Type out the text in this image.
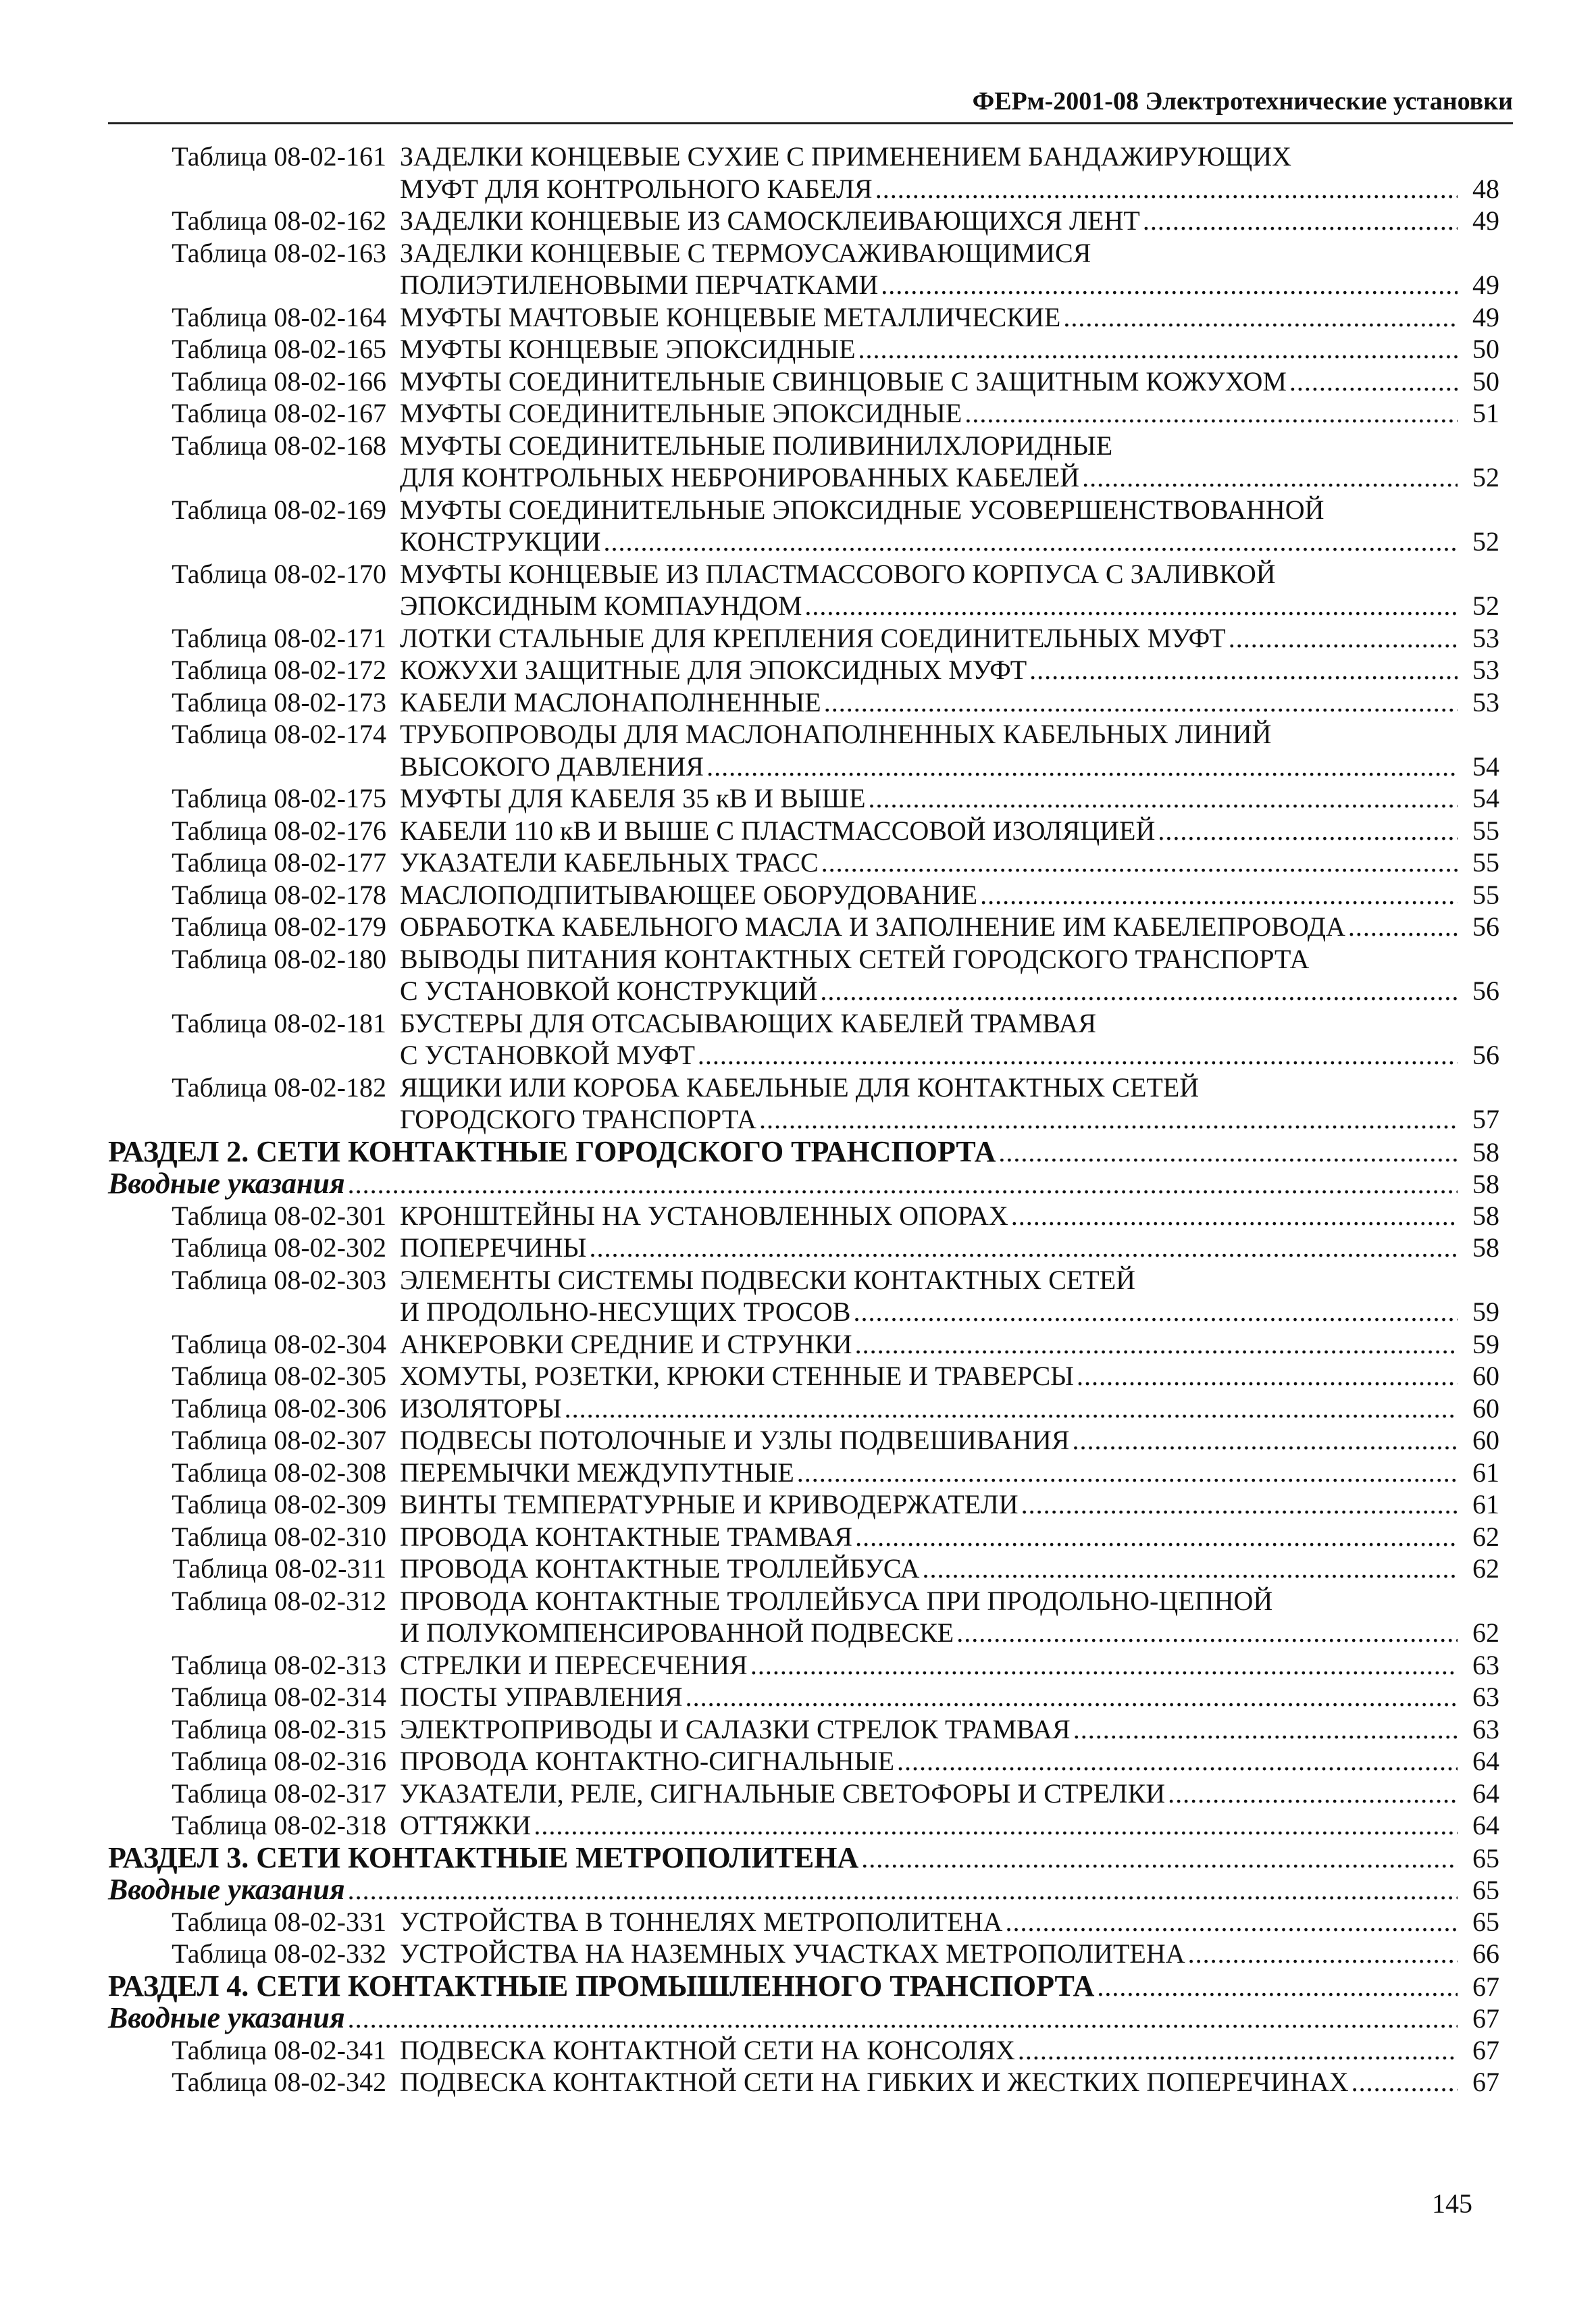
ФЕРм-2001-08 Электротехнические установки
Таблица 08-02-161 ЗАДЕЛКИ КОНЦЕВЫЕ СУХИЕ С ПРИМЕНЕНИЕМ БАНДАЖИРУЮЩИХ
МУФТ ДЛЯ КОНТРОЛЬНОГО КАБЕЛЯ .....	48
Таблица 08-02-162 ЗАДЕЛКИ КОНЦЕВЫЕ ИЗ САМОСКЛЕИВАЮЩИХСЯ ЛЕНТ .....	49
Таблица 08-02-163 ЗАДЕЛКИ КОНЦЕВЫЕ С ТЕРМОУСАЖИВАЮЩИМИСЯ
ПОЛИЭТИЛЕНОВЫМИ ПЕРЧАТКАМИ .....	49
Таблица 08-02-164 МУФТЫ МАЧТОВЫЕ КОНЦЕВЫЕ МЕТАЛЛИЧЕСКИЕ .....	49
Таблица 08-02-165 МУФТЫ КОНЦЕВЫЕ ЭПОКСИДНЫЕ .....	50
Таблица 08-02-166 МУФТЫ СОЕДИНИТЕЛЬНЫЕ СВИНЦОВЫЕ С ЗАЩИТНЫМ КОЖУХОМ .....	50
Таблица 08-02-167 МУФТЫ СОЕДИНИТЕЛЬНЫЕ ЭПОКСИДНЫЕ .....	51
Таблица 08-02-168 МУФТЫ СОЕДИНИТЕЛЬНЫЕ ПОЛИВИНИЛХЛОРИДНЫЕ
ДЛЯ КОНТРОЛЬНЫХ НЕБРОНИРОВАННЫХ КАБЕЛЕЙ .....	52
Таблица 08-02-169 МУФТЫ СОЕДИНИТЕЛЬНЫЕ ЭПОКСИДНЫЕ УСОВЕРШЕНСТВОВАННОЙ
КОНСТРУКЦИИ .....	52
Таблица 08-02-170 МУФТЫ КОНЦЕВЫЕ ИЗ ПЛАСТМАССОВОГО КОРПУСА С ЗАЛИВКОЙ
ЭПОКСИДНЫМ КОМПАУНДОМ .....	52
Таблица 08-02-171 ЛОТКИ СТАЛЬНЫЕ ДЛЯ КРЕПЛЕНИЯ СОЕДИНИТЕЛЬНЫХ МУФТ .....	53
Таблица 08-02-172 КОЖУХИ ЗАЩИТНЫЕ ДЛЯ ЭПОКСИДНЫХ МУФТ .....	53
Таблица 08-02-173 КАБЕЛИ МАСЛОНАПОЛНЕННЫЕ .....	53
Таблица 08-02-174 ТРУБОПРОВОДЫ ДЛЯ МАСЛОНАПОЛНЕННЫХ КАБЕЛЬНЫХ ЛИНИЙ
ВЫСОКОГО ДАВЛЕНИЯ .....	54
Таблица 08-02-175 МУФТЫ ДЛЯ КАБЕЛЯ 35 кВ И ВЫШЕ .....	54
Таблица 08-02-176 КАБЕЛИ 110 кВ И ВЫШЕ С ПЛАСТМАССОВОЙ ИЗОЛЯЦИЕЙ .....	55
Таблица 08-02-177 УКАЗАТЕЛИ КАБЕЛЬНЫХ ТРАСС .....	55
Таблица 08-02-178 МАСЛОПОДПИТЫВАЮЩЕЕ ОБОРУДОВАНИЕ .....	55
Таблица 08-02-179 ОБРАБОТКА КАБЕЛЬНОГО МАСЛА И ЗАПОЛНЕНИЕ ИМ КАБЕЛЕПРОВОДА .....	56
Таблица 08-02-180 ВЫВОДЫ ПИТАНИЯ КОНТАКТНЫХ СЕТЕЙ ГОРОДСКОГО ТРАНСПОРТА
С УСТАНОВКОЙ КОНСТРУКЦИЙ .....	56
Таблица 08-02-181 БУСТЕРЫ ДЛЯ ОТСАСЫВАЮЩИХ КАБЕЛЕЙ ТРАМВАЯ
С УСТАНОВКОЙ МУФТ .....	56
Таблица 08-02-182 ЯЩИКИ ИЛИ КОРОБА КАБЕЛЬНЫЕ ДЛЯ КОНТАКТНЫХ СЕТЕЙ
ГОРОДСКОГО ТРАНСПОРТА .....	57
РАЗДЕЛ 2. СЕТИ КОНТАКТНЫЕ ГОРОДСКОГО ТРАНСПОРТА .....	58
Вводные указания .....	58
Таблица 08-02-301 КРОНШТЕЙНЫ НА УСТАНОВЛЕННЫХ ОПОРАХ .....	58
Таблица 08-02-302 ПОПЕРЕЧИНЫ .....	58
Таблица 08-02-303 ЭЛЕМЕНТЫ СИСТЕМЫ ПОДВЕСКИ КОНТАКТНЫХ СЕТЕЙ
И ПРОДОЛЬНО-НЕСУЩИХ ТРОСОВ .....	59
Таблица 08-02-304 АНКЕРОВКИ СРЕДНИЕ И СТРУНКИ .....	59
Таблица 08-02-305 ХОМУТЫ, РОЗЕТКИ, КРЮКИ СТЕННЫЕ И ТРАВЕРСЫ .....	60
Таблица 08-02-306 ИЗОЛЯТОРЫ .....	60
Таблица 08-02-307 ПОДВЕСЫ ПОТОЛОЧНЫЕ И УЗЛЫ ПОДВЕШИВАНИЯ .....	60
Таблица 08-02-308 ПЕРЕМЫЧКИ МЕЖДУПУТНЫЕ .....	61
Таблица 08-02-309 ВИНТЫ ТЕМПЕРАТУРНЫЕ И КРИВОДЕРЖАТЕЛИ .....	61
Таблица 08-02-310 ПРОВОДА КОНТАКТНЫЕ ТРАМВАЯ .....	62
Таблица 08-02-311 ПРОВОДА КОНТАКТНЫЕ ТРОЛЛЕЙБУСА .....	62
Таблица 08-02-312 ПРОВОДА КОНТАКТНЫЕ ТРОЛЛЕЙБУСА ПРИ ПРОДОЛЬНО-ЦЕПНОЙ
И ПОЛУКОМПЕНСИРОВАННОЙ ПОДВЕСКЕ .....	62
Таблица 08-02-313 СТРЕЛКИ И ПЕРЕСЕЧЕНИЯ .....	63
Таблица 08-02-314 ПОСТЫ УПРАВЛЕНИЯ .....	63
Таблица 08-02-315 ЭЛЕКТРОПРИВОДЫ И САЛАЗКИ СТРЕЛОК ТРАМВАЯ .....	63
Таблица 08-02-316 ПРОВОДА КОНТАКТНО-СИГНАЛЬНЫЕ .....	64
Таблица 08-02-317 УКАЗАТЕЛИ, РЕЛЕ, СИГНАЛЬНЫЕ СВЕТОФОРЫ И СТРЕЛКИ .....	64
Таблица 08-02-318 ОТТЯЖКИ .....	64
РАЗДЕЛ 3. СЕТИ КОНТАКТНЫЕ МЕТРОПОЛИТЕНА .....	65
Вводные указания .....	65
Таблица 08-02-331 УСТРОЙСТВА В ТОННЕЛЯХ МЕТРОПОЛИТЕНА .....	65
Таблица 08-02-332 УСТРОЙСТВА НА НАЗЕМНЫХ УЧАСТКАХ МЕТРОПОЛИТЕНА .....	66
РАЗДЕЛ 4. СЕТИ КОНТАКТНЫЕ ПРОМЫШЛЕННОГО ТРАНСПОРТА .....	67
Вводные указания .....	67
Таблица 08-02-341 ПОДВЕСКА КОНТАКТНОЙ СЕТИ НА КОНСОЛЯХ .....	67
Таблица 08-02-342 ПОДВЕСКА КОНТАКТНОЙ СЕТИ НА ГИБКИХ И ЖЕСТКИХ ПОПЕРЕЧИНАХ .....	67
145
